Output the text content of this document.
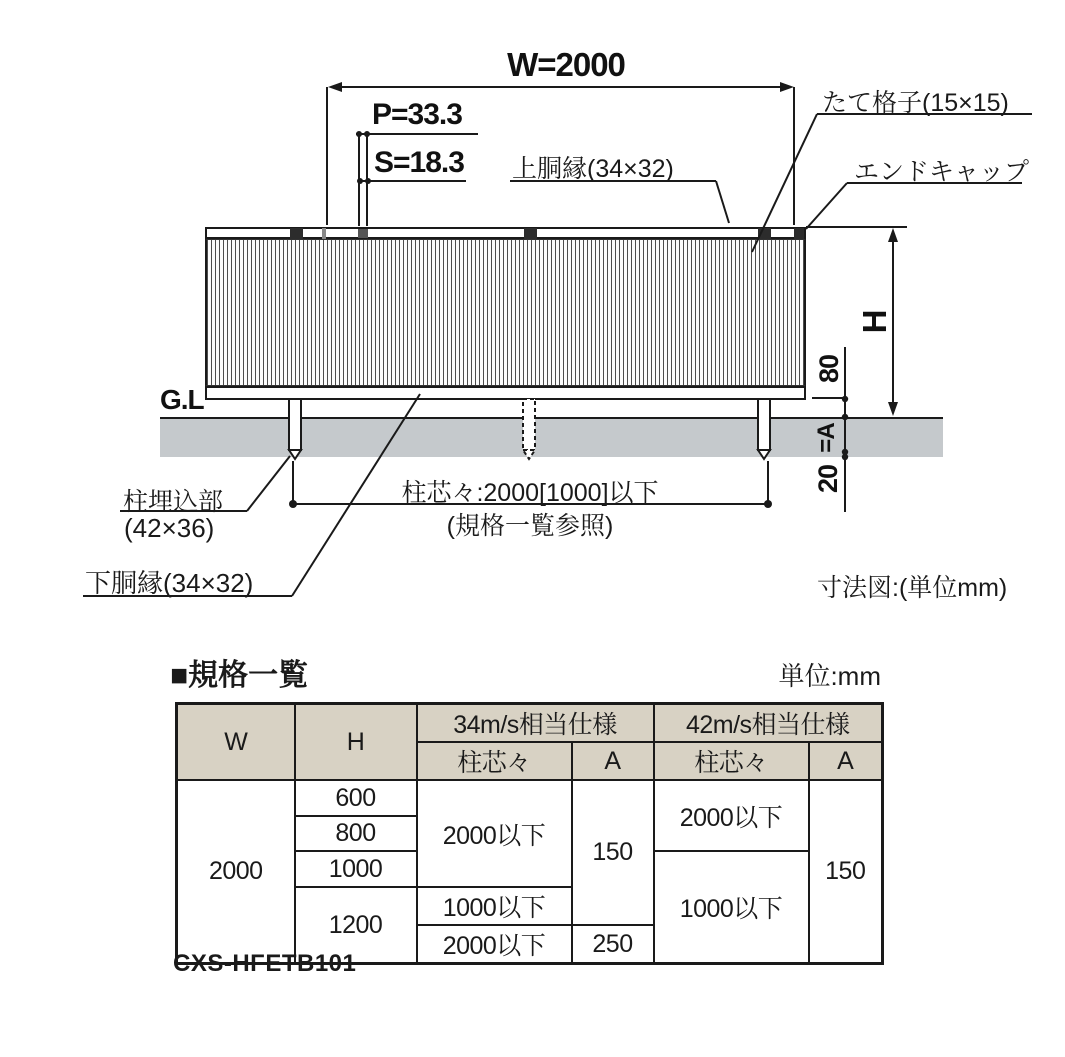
W=2000
P=33.3
S=18.3 上胴縁(34×32)
たて格子(15×15)
エンドキャップ
G.L
H
80
=A
20
柱埋込部
(42×36)
下胴縁(34×32)
柱芯々:2000[1000]以下
(規格一覧参照)
寸法図:(単位mm)
■規格一覧	単位:mm
W	H	34m/s相当仕様		42m/s相当仕様	
		柱芯々	A	柱芯々	A
2000	600	2000以下	150	2000以下	150
	800				
	1000			1000以下	
	1200	1000以下			
		2000以下	250		
CXS-HFETB101
